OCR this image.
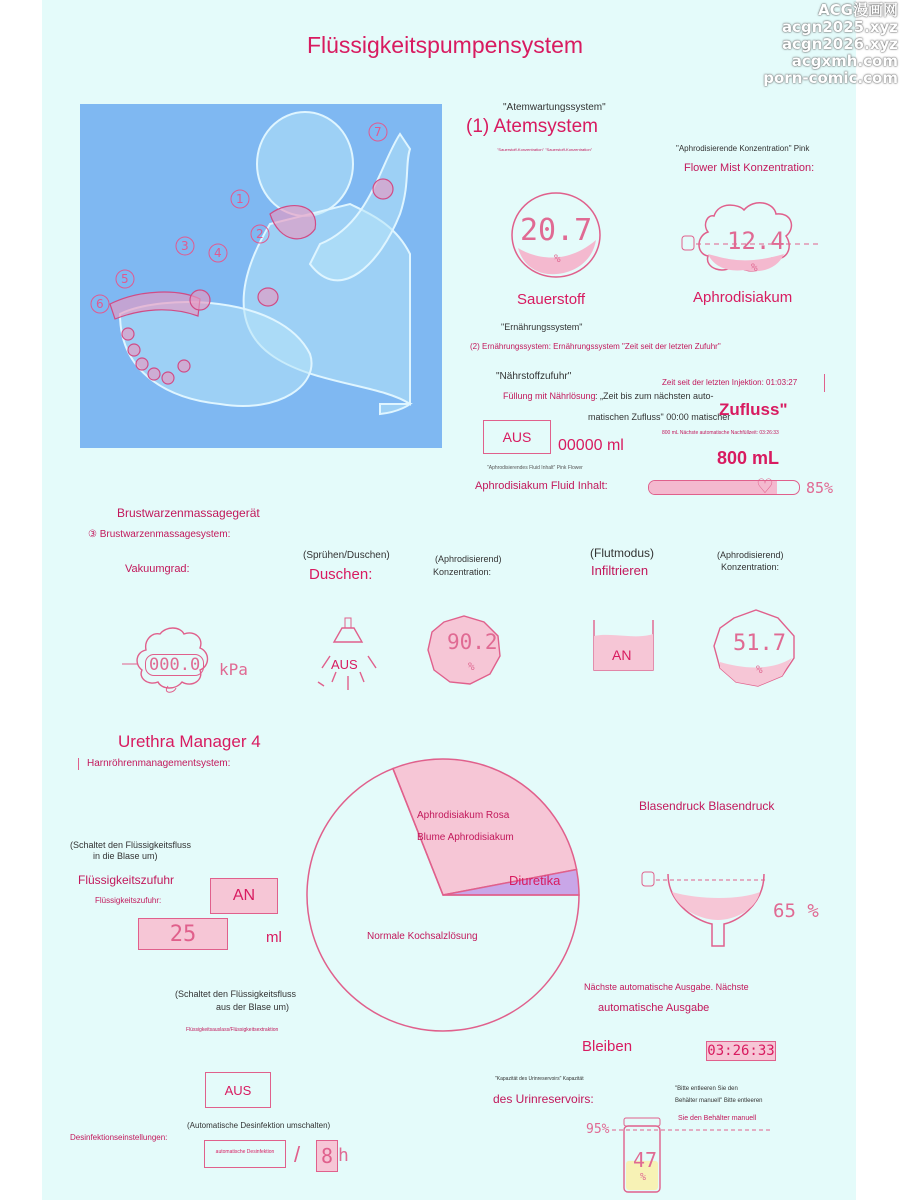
ACG漫画网
acgn2025.xyz
acgn2026.xyz
acgxmh.com
porn-comic.com
Flüssigkeitspumpensystem
1
2
3 4
5
6
7
"Atemwartungssystem"
(1) Atemsystem
"Sauerstoff-Konzentration" "Sauerstoff-Konzentration"	"Aphrodisierende Konzentration" Pink
Flower Mist Konzentration:
20.7
%
Sauerstoff
12.4
%
Aphrodisiakum
"Ernährungssystem"
(2) Ernährungssystem: Ernährungssystem "Zeit seit der letzten Zufuhr"
"Nährstoffzufuhr"
Füllung mit Nährlösung : „Zeit bis zum nächsten auto-
matischen Zufluss" 00:00 matischer
Zeit seit der letzten Injektion: 01:03:27
Zufluss"
800 mL Nächste automatische Nachfüllzeit: 03:26:33
AUS	00000 ml
800 mL
"Aphrodisierendes Fluid Inhalt" Pink Flower
Aphrodisiakum Fluid Inhalt:	♡ 85%
Brustwarzenmassagegerät
③ Brustwarzenmassagesystem:
Vakuumgrad:
000.0 kPa
(Sprühen/Duschen)
Duschen:
AUS
(Aphrodisierend)
Konzentration:
90.2
%
(Flutmodus)
Infiltrieren
AN
(Aphrodisierend)
Konzentration:
51.7
%
Urethra Manager 4
Harnröhrenmanagementsystem:
(Schaltet den Flüssigkeitsfluss
in die Blase um)
Flüssigkeitszufuhr
Flüssigkeitszufuhr:	AN
25	ml
Aphrodisiakum Rosa
Blume Aphrodisiakum
Diuretika
Normale Kochsalzlösung
(Schaltet den Flüssigkeitsfluss
aus der Blase um)
Flüssigkeitsauslass/Flüssigkeitsextraktion
AUS
(Automatische Desinfektion umschalten)
Desinfektionseinstellungen:
automatische Desinfektion / 8 h
Blasendruck Blasendruck
65 %
Nächste automatische Ausgabe. Nächste
automatische Ausgabe
Bleiben	03:26:33
"Kapazität des Urinreservoirs" Kapazität
des Urinreservoirs:
"Bitte entleeren Sie den
Behälter manuell" Bitte entleeren
Sie den Behälter manuell
95%
47
%
